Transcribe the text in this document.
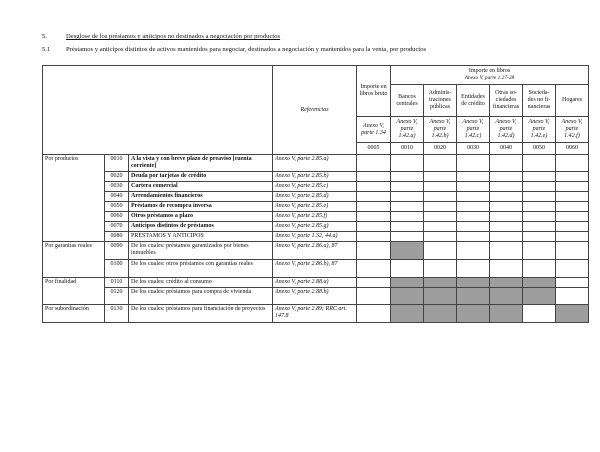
5.	Desglose de los préstamos y anticipos no destinados a negociación por productos
5.1 Préstamos y anticipos distintos de activos mantenidos para negociar, destinados a negociación y mantenidos para la venta, por productos
			Referencias	Importe en libros bruto	Importe en libros
Anexo V, parte 1.27-28					

					Bancos centrales	Adminis-traciones públicas	Entidades de crédito	Otras so-ciedades financieras	Socieda-des no fi-nancieras	Hogares
				Anexo V, parte 1.34	Anexo V, parte 1.42.a)	Anexo V, parte 1.42.b)	Anexo V, parte 1.42.c)	Anexo V, parte 1.42.d)	Anexo V, parte 1.42.e)	Anexo V, parte 1.42.f)
				0005	0010	0020	0030	0040	0050	0060
Por productos	0010	A la vista y con breve plazo de preaviso [cuenta corriente]	Anexo V, parte 2.85.a)							
	0020	Deuda por tarjetas de crédito	Anexo V, parte 2.85.b)							
	0030	Cartera comercial	Anexo V, parte 2.85.c)							
	0040	Arrendamientos financieros	Anexo V, parte 2.85.d)							
	0050	Préstamos de recompra inversa	Anexo V, parte 2.85.e)							
	0060	Otros préstamos a plazo	Anexo V, parte 2.85.f)							
	0070	Anticipos distintos de préstamos	Anexo V, parte 2.85.g)							
	0080	PRÉSTAMOS Y ANTICIPOS	Anexo V, parte 1.32, 44.a)							
Por garantías reales	0090	De los cuales: préstamos garantizados por bienes inmuebles	Anexo V, parte 2.86.a), 87							
	0100	De los cuales: otros préstamos con garantías reales	Anexo V, parte 2.86.b), 87							
Por finalidad	0110	De los cuales: crédito al consumo	Anexo V, parte 2.88.a)							
	0120	De los cuales: préstamos para compra de vivienda	Anexo V, parte 2.88.b)							
Por subordinación	0130	De los cuales: préstamos para financiación de proyectos	Anexo V, parte 2.89; RRC art. 147.8							
